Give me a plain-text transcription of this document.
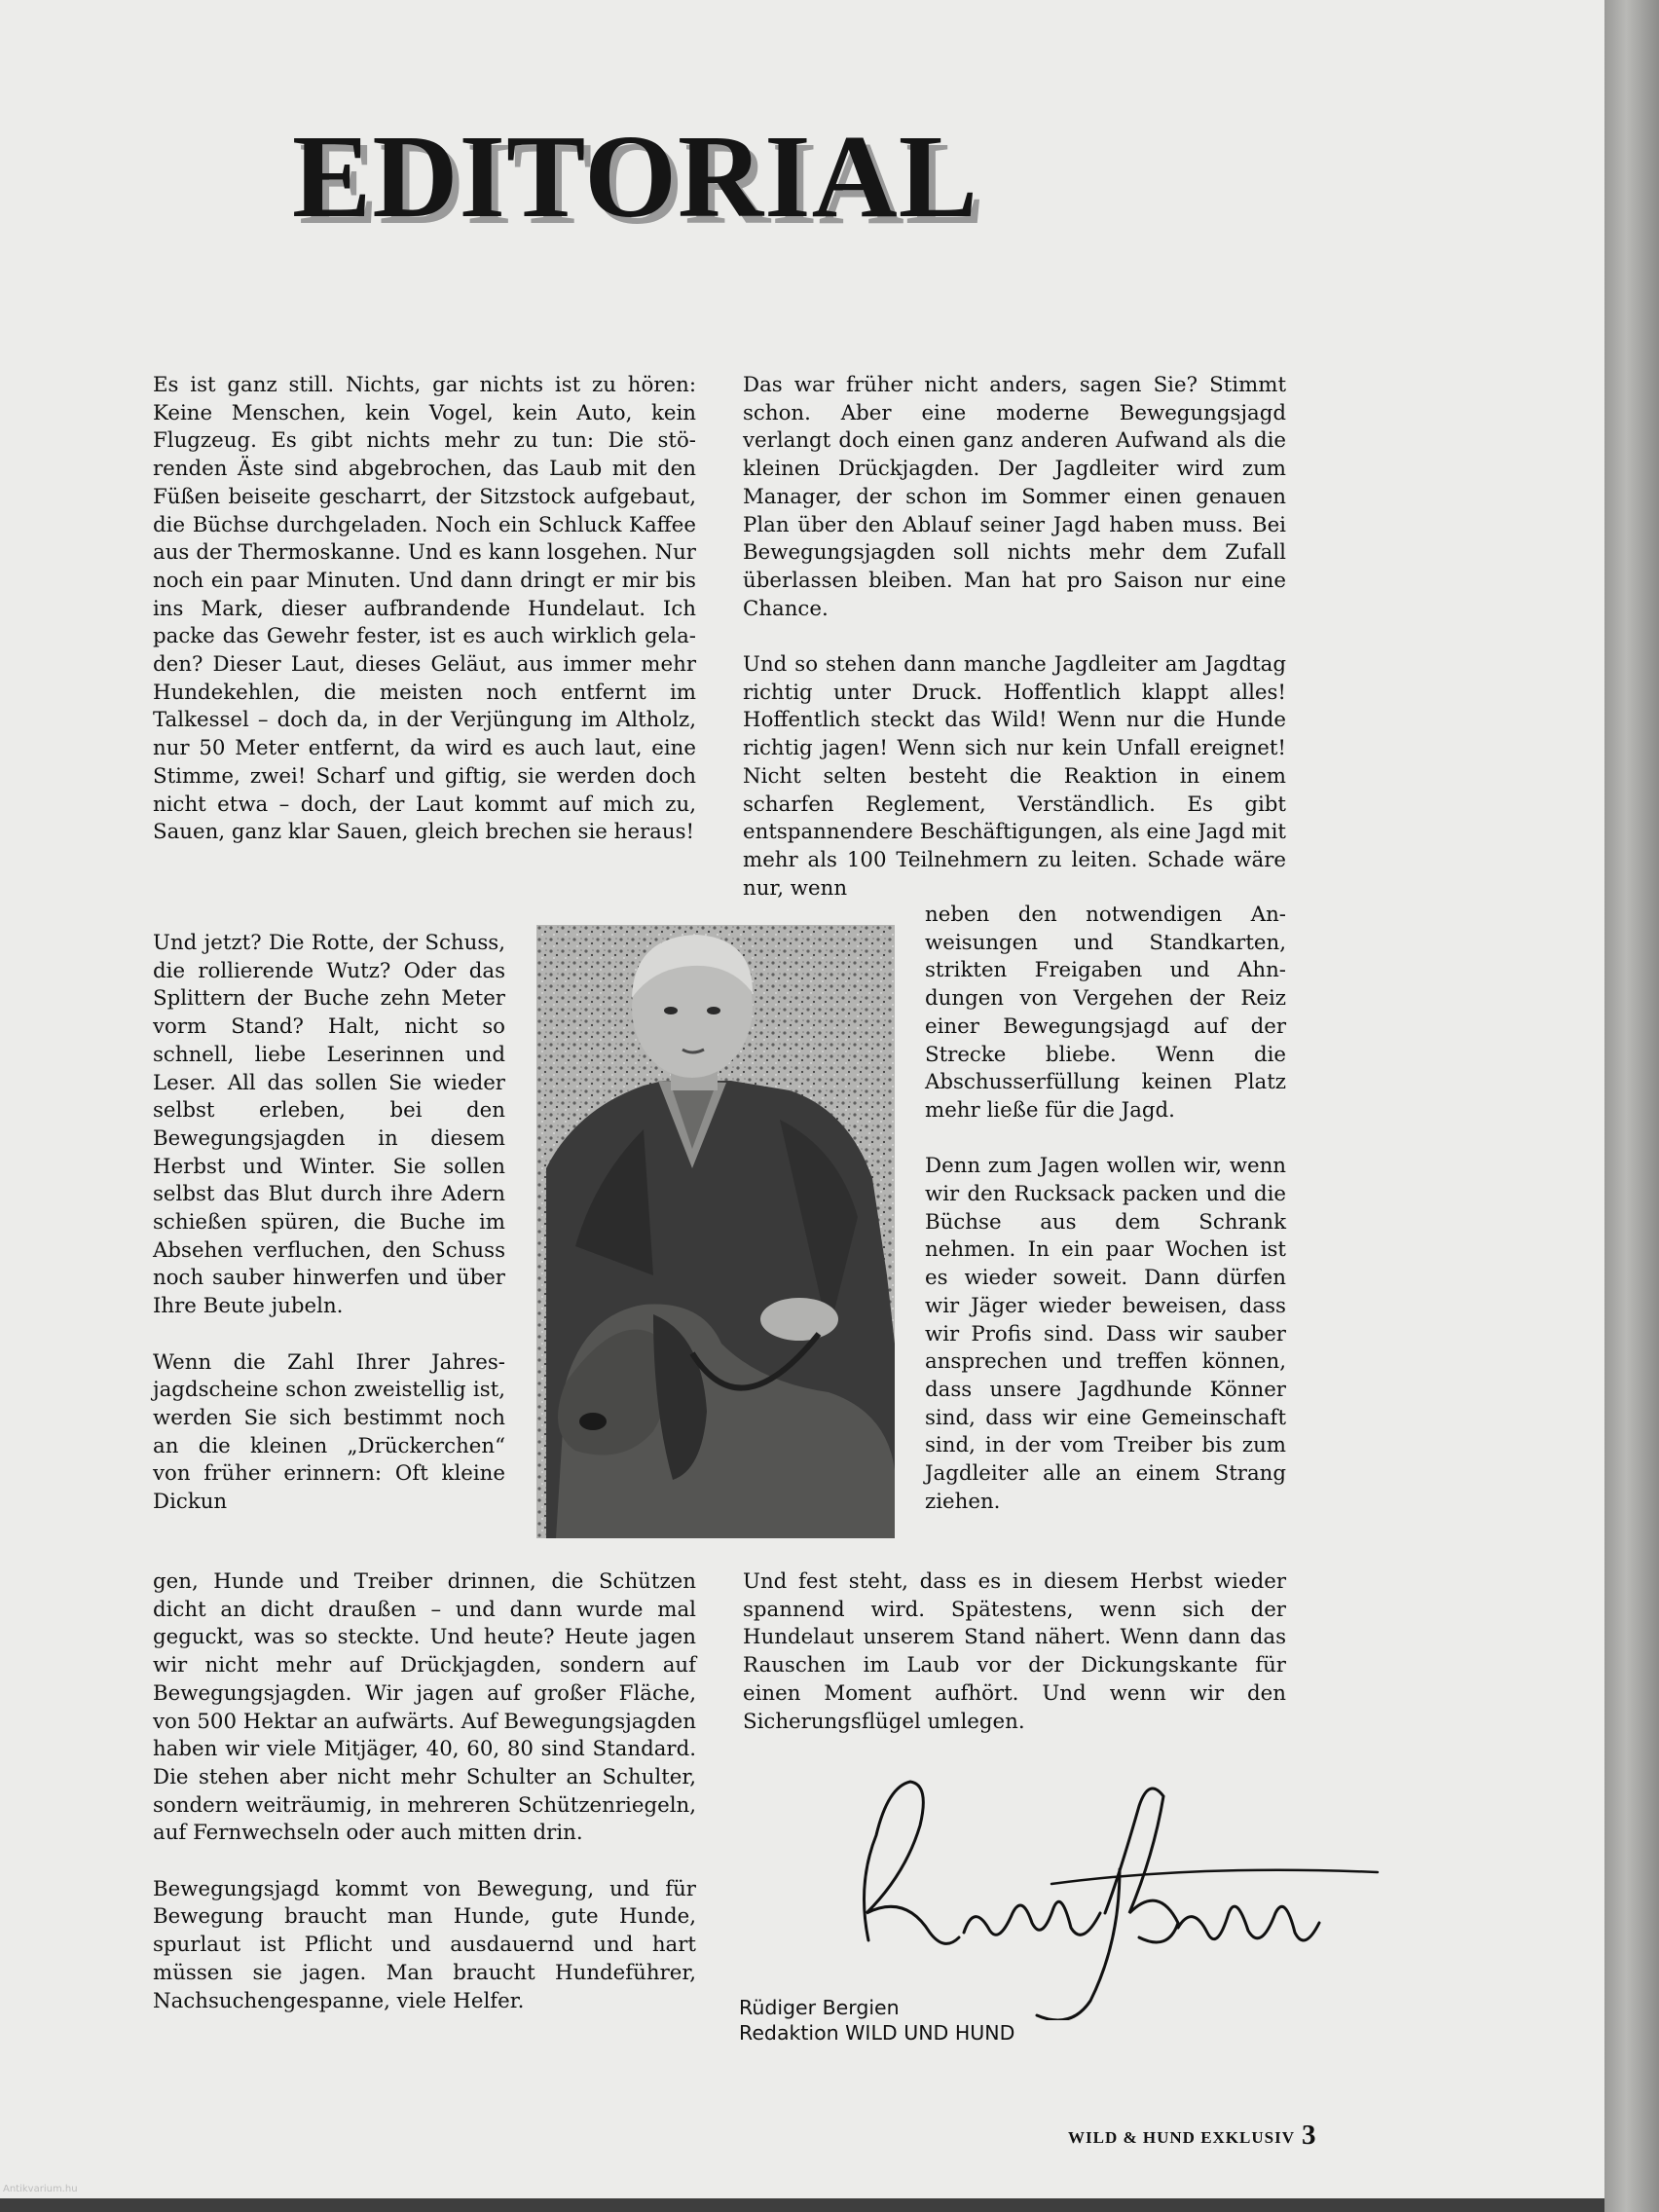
EDITORIAL

Es ist ganz still. Nichts, gar nichts ist zu hören: Keine Menschen, kein Vogel, kein Auto, kein Flugzeug. Es gibt nichts mehr zu tun: Die störenden Äste sind abgebrochen, das Laub mit den Füßen beiseite gescharrt, der Sitzstock aufgebaut, die Büchse durchgeladen. Noch ein Schluck Kaffee aus der Thermoskanne. Und es kann losgehen. Nur noch ein paar Minuten. Und dann dringt er mir bis ins Mark, dieser aufbrandende Hundelaut. Ich packe das Gewehr fester, ist es auch wirklich geladen? Dieser Laut, dieses Geläut, aus immer mehr Hundekehlen, die meisten noch entfernt im Talkessel – doch da, in der Verjüngung im Altholz, nur 50 Meter entfernt, da wird es auch laut, eine Stimme, zwei! Scharf und giftig, sie werden doch nicht etwa – doch, der Laut kommt auf mich zu, Sauen, ganz klar Sauen, gleich brechen sie heraus!

Und jetzt? Die Rotte, der Schuss, die rollierende Wutz? Oder das Splittern der Buche zehn Meter vorm Stand? Halt, nicht so schnell, liebe Leserinnen und Leser. All das sollen Sie wieder selbst erleben, bei den Bewegungsjagden in diesem Herbst und Winter. Sie sollen selbst das Blut durch ihre Adern schießen spüren, die Buche im Absehen verfluchen, den Schuss noch sauber hinwerfen und über Ihre Beute jubeln.

Wenn die Zahl Ihrer Jahresjagdscheine schon zweistellig ist, werden Sie sich bestimmt noch an die kleinen „Drückerchen“ von früher erinnern: Oft kleine Dickun

gen, Hunde und Treiber drinnen, die Schützen dicht an dicht draußen – und dann wurde mal geguckt, was so steckte. Und heute? Heute jagen wir nicht mehr auf Drückjagden, sondern auf Bewegungsjagden. Wir jagen auf großer Fläche, von 500 Hektar an aufwärts. Auf Bewegungsjagden haben wir viele Mitjäger, 40, 60, 80 sind Standard. Die stehen aber nicht mehr Schulter an Schulter, sondern weiträumig, in mehreren Schützenriegeln, auf Fernwechseln oder auch mitten drin.

Bewegungsjagd kommt von Bewegung, und für Bewegung braucht man Hunde, gute Hunde, spurlaut ist Pflicht und ausdauernd und hart müssen sie jagen. Man braucht Hundeführer, Nachsuchengespanne, viele Helfer.

Das war früher nicht anders, sagen Sie? Stimmt schon. Aber eine moderne Bewegungsjagd verlangt doch einen ganz anderen Aufwand als die kleinen Drückjagden. Der Jagdleiter wird zum Manager, der schon im Sommer einen genauen Plan über den Ablauf seiner Jagd haben muss. Bei Bewegungsjagden soll nichts mehr dem Zufall überlassen bleiben. Man hat pro Saison nur eine Chance.

Und so stehen dann manche Jagdleiter am Jagdtag richtig unter Druck. Hoffentlich klappt alles! Hoffentlich steckt das Wild! Wenn nur die Hunde richtig jagen! Wenn sich nur kein Unfall ereignet! Nicht selten besteht die Reaktion in einem scharfen Reglement, Verständlich. Es gibt entspannendere Beschäftigungen, als eine Jagd mit mehr als 100 Teilnehmern zu leiten. Schade wäre nur, wenn

neben den notwendigen Anweisungen und Standkarten, strikten Freigaben und Ahndungen von Vergehen der Reiz einer Bewegungsjagd auf der Strecke bliebe. Wenn die Abschusserfüllung keinen Platz mehr ließe für die Jagd.

Denn zum Jagen wollen wir, wenn wir den Rucksack packen und die Büchse aus dem Schrank nehmen. In ein paar Wochen ist es wieder soweit. Dann dürfen wir Jäger wieder beweisen, dass wir Profis sind. Dass wir sauber ansprechen und treffen können, dass unsere Jagdhunde Könner sind, dass wir eine Gemeinschaft sind, in der vom Treiber bis zum Jagdleiter alle an einem Strang ziehen.

Und fest steht, dass es in diesem Herbst wieder spannend wird. Spätestens, wenn sich der Hundelaut unserem Stand nähert. Wenn dann das Rauschen im Laub vor der Dickungskante für einen Moment aufhört. Und wenn wir den Sicherungsflügel umlegen.

Rüdiger Bergien
Redaktion WILD UND HUND
WILD & HUND EXKLUSIV 3
Antikvarium.hu
